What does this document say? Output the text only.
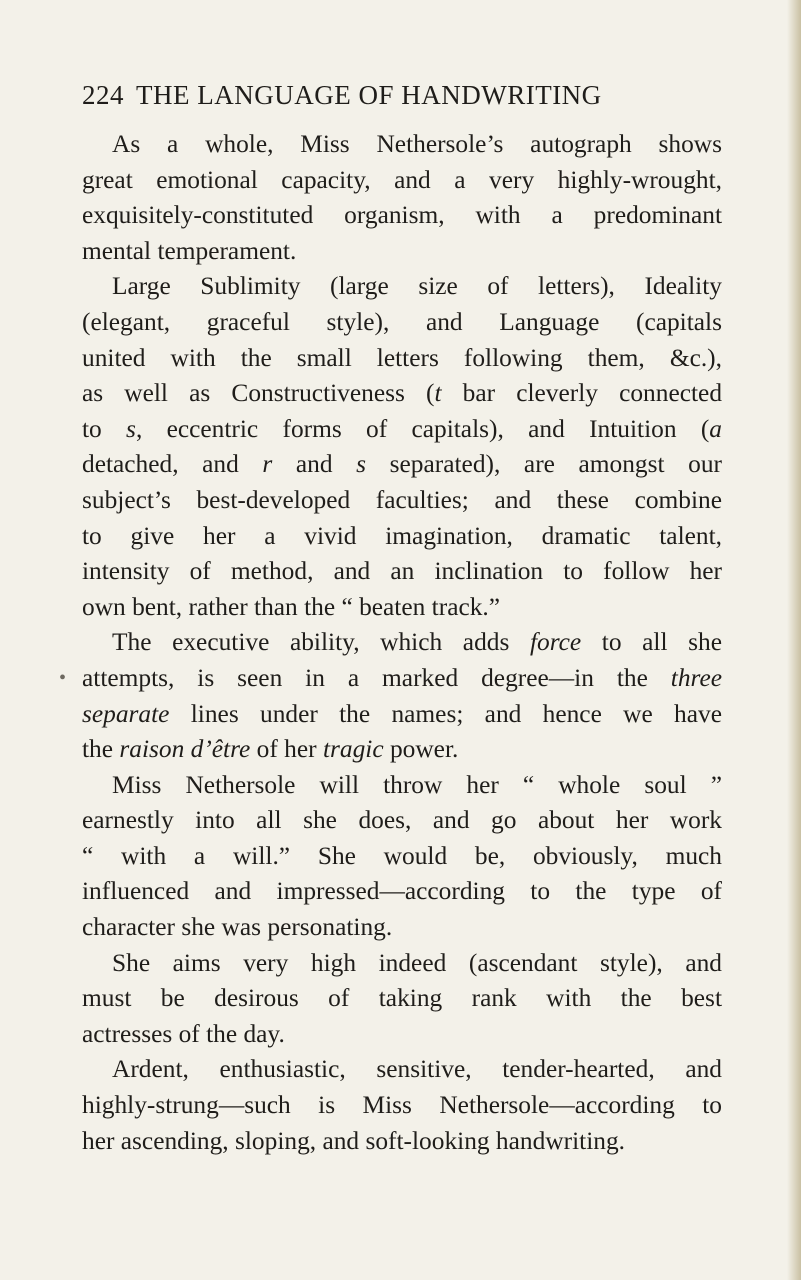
224 THE LANGUAGE OF HANDWRITING
As a whole, Miss Nethersole’s autograph shows
great emotional capacity, and a very highly-wrought,
exquisitely-constituted organism, with a predominant
mental temperament.
Large Sublimity (large size of letters), Ideality
(elegant, graceful style), and Language (capitals
united with the small letters following them, &c.),
as well as Constructiveness (t bar cleverly connected
to s, eccentric forms of capitals), and Intuition (a
detached, and r and s separated), are amongst our
subject’s best-developed faculties; and these combine
to give her a vivid imagination, dramatic talent,
intensity of method, and an inclination to follow her
own bent, rather than the “ beaten track.”
The executive ability, which adds force to all she
• attempts, is seen in a marked degree—in the three
separate lines under the names; and hence we have
the raison d’être of her tragic power.
Miss Nethersole will throw her “ whole soul ”
earnestly into all she does, and go about her work
“ with a will.” She would be, obviously, much
influenced and impressed—according to the type of
character she was personating.
She aims very high indeed (ascendant style), and
must be desirous of taking rank with the best
actresses of the day.
Ardent, enthusiastic, sensitive, tender-hearted, and
highly-strung—such is Miss Nethersole—according to
her ascending, sloping, and soft-looking handwriting.
